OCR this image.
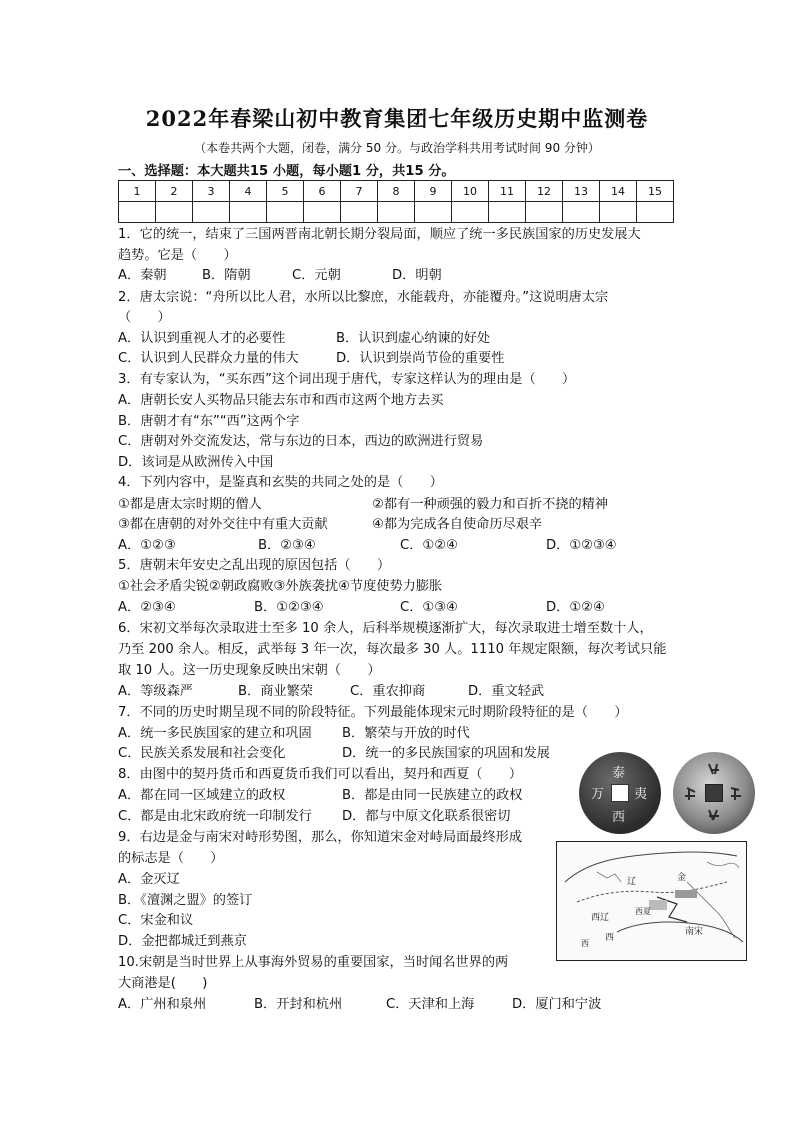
2022年春梁山初中教育集团七年级历史期中监测卷
（本卷共两个大题，闭卷，满分 50 分。与政治学科共用考试时间 90 分钟）
一、选择题：本大题共15 小题，每小题1 分，共15 分。
1	2	3	4	5	6	7	8	9	10	11	12	13	14	15

1．它的统一，结束了三国两晋南北朝长期分裂局面，顺应了统一多民族国家的历史发展大
趋势。它是（　　）
A．秦朝	B．隋朝	C．元朝	D．明朝
2．唐太宗说：“舟所以比人君，水所以比黎庶，水能载舟，亦能覆舟。”这说明唐太宗
（　　）
A．认识到重视人才的必要性	B．认识到虚心纳谏的好处
C．认识到人民群众力量的伟大	D．认识到崇尚节俭的重要性
3．有专家认为，“买东西”这个词出现于唐代，专家这样认为的理由是（　　）
A．唐朝长安人买物品只能去东市和西市这两个地方去买
B．唐朝才有“东”“西”这两个字
C．唐朝对外交流发达，常与东边的日本，西边的欧洲进行贸易
D．该词是从欧洲传入中国
4．下列内容中，是鉴真和玄奘的共同之处的是（　　）
①都是唐太宗时期的僧人	②都有一种顽强的毅力和百折不挠的精神
③都在唐朝的对外交往中有重大贡献	④都为完成各自使命历尽艰辛
A．①②③	B．②③④	C．①②④	D．①②③④
5．唐朝末年安史之乱出现的原因包括（　　）
①社会矛盾尖锐②朝政腐败③外族袭扰④节度使势力膨胀
A．②③④	B．①②③④	C．①③④	D．①②④
6．宋初文举每次录取进士至多 10 余人，后科举规模逐渐扩大，每次录取进士增至数十人，
乃至 200 余人。相反，武举每 3 年一次，每次最多 30 人。1110 年规定限额，每次考试只能
取 10 人。这一历史现象反映出宋朝（　　）
A．等级森严	B．商业繁荣	C．重农抑商	D．重文轻武
7．不同的历史时期呈现不同的阶段特征。下列最能体现宋元时期阶段特征的是（　　）
A．统一多民族国家的建立和巩固 B．繁荣与开放的时代
C．民族关系发展和社会变化	D．统一的多民族国家的巩固和发展
8．由图中的契丹货币和西夏货币我们可以看出，契丹和西夏（　　）
A．都在同一区域建立的政权	B．都是由同一民族建立的政权
C．都是由北宋政府统一印制发行 D．都与中原文化联系很密切
泰
夷
万
西
9．右边是金与南宋对峙形势图，那么，你知道宋金对峙局面最终形成
的标志是（　　）
A．金灭辽
B．《澶渊之盟》的签订
C．宋金和议
D．金把都城迁到燕京
辽	金
西辽
西夏
南宋
西
西
10.宋朝是当时世界上从事海外贸易的重要国家，当时闻名世界的两
大商港是(　　)
A．广州和泉州	B．开封和杭州	C．天津和上海	D．厦门和宁波
